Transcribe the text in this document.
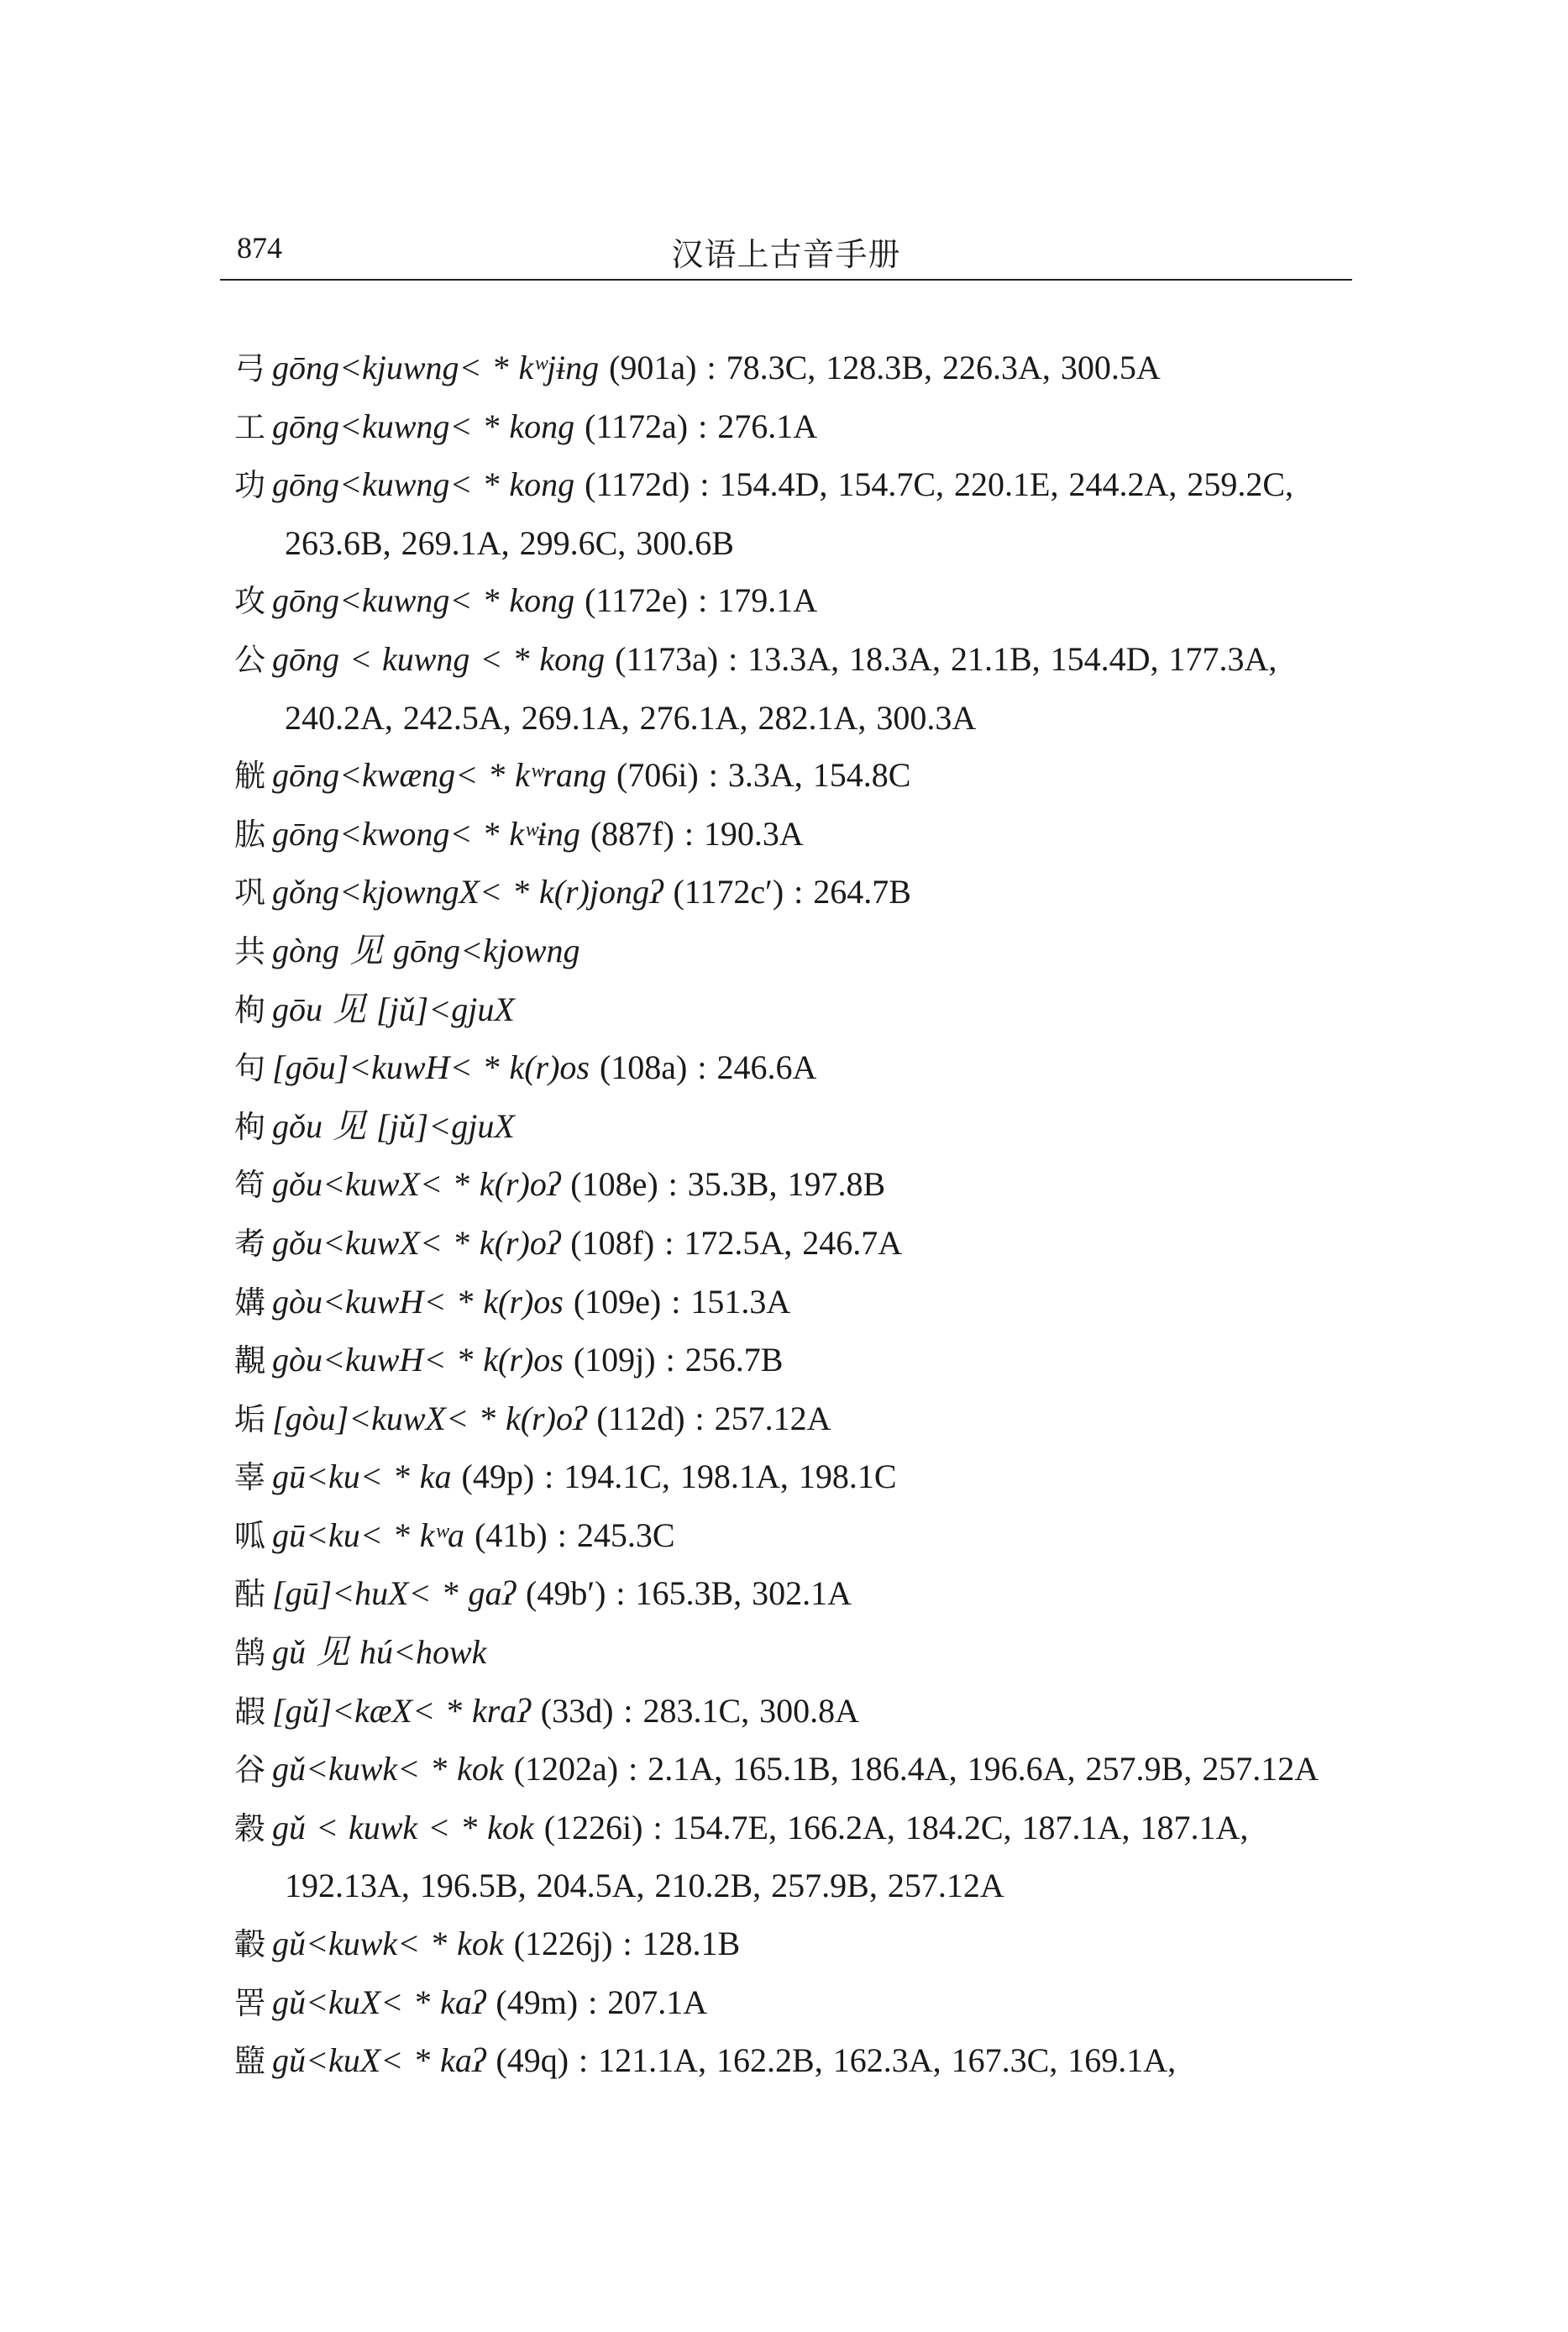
874	汉语上古音手册
弓 gōng<kjuwng< * kʷjɨng (901a) : 78.3C, 128.3B, 226.3A, 300.5A
工 gōng<kuwng< * kong (1172a) : 276.1A
功 gōng<kuwng< * kong (1172d) : 154.4D, 154.7C, 220.1E, 244.2A, 259.2C, 263.6B, 269.1A, 299.6C, 300.6B
攻 gōng<kuwng< * kong (1172e) : 179.1A
公 gōng < kuwng < * kong (1173a) : 13.3A, 18.3A, 21.1B, 154.4D, 177.3A, 240.2A, 242.5A, 269.1A, 276.1A, 282.1A, 300.3A
觥 gōng<kwæng< * kʷrang (706i) : 3.3A, 154.8C
肱 gōng<kwong< * kʷɨng (887f) : 190.3A
巩 gǒng<kjowngX< * k(r)jongʔ (1172c′) : 264.7B
共 gòng 见 gōng<kjowng
枸 gōu 见 [jǔ]<gjuX
句 [gōu]<kuwH< * k(r)os (108a) : 246.6A
枸 gǒu 见 [jǔ]<gjuX
笱 gǒu<kuwX< * k(r)oʔ (108e) : 35.3B, 197.8B
耇 gǒu<kuwX< * k(r)oʔ (108f) : 172.5A, 246.7A
媾 gòu<kuwH< * k(r)os (109e) : 151.3A
覯 gòu<kuwH< * k(r)os (109j) : 256.7B
垢 [gòu]<kuwX< * k(r)oʔ (112d) : 257.12A
辜 gū<ku< * ka (49p) : 194.1C, 198.1A, 198.1C
呱 gū<ku< * kʷa (41b) : 245.3C
酤 [gū]<huX< * gaʔ (49b′) : 165.3B, 302.1A
鹄 gǔ 见 hú<howk
嘏 [gǔ]<kæX< * kraʔ (33d) : 283.1C, 300.8A
谷 gǔ<kuwk< * kok (1202a) : 2.1A, 165.1B, 186.4A, 196.6A, 257.9B, 257.12A
穀 gǔ < kuwk < * kok (1226i) : 154.7E, 166.2A, 184.2C, 187.1A, 187.1A, 192.13A, 196.5B, 204.5A, 210.2B, 257.9B, 257.12A
轂 gǔ<kuwk< * kok (1226j) : 128.1B
罟 gǔ<kuX< * kaʔ (49m) : 207.1A
盬 gǔ<kuX< * kaʔ (49q) : 121.1A, 162.2B, 162.3A, 167.3C, 169.1A,
